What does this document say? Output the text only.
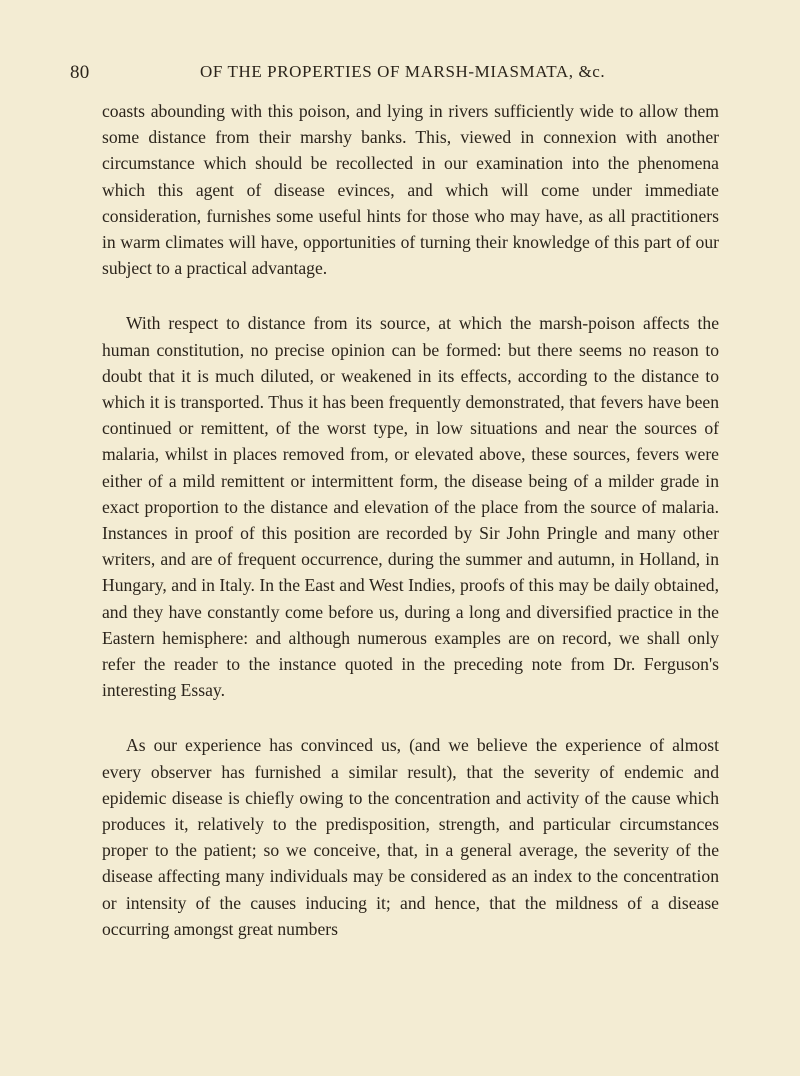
80	OF THE PROPERTIES OF MARSH-MIASMATA, &c.

coasts abounding with this poison, and lying in rivers sufficiently wide to allow them some distance from their marshy banks. This, viewed in connexion with another circumstance which should be recollected in our examination into the phenomena which this agent of disease evinces, and which will come under immediate consideration, furnishes some useful hints for those who may have, as all practitioners in warm climates will have, opportunities of turning their knowledge of this part of our subject to a practical advantage.

With respect to distance from its source, at which the marsh-poison affects the human constitution, no precise opinion can be formed: but there seems no reason to doubt that it is much diluted, or weakened in its effects, according to the distance to which it is transported. Thus it has been frequently demonstrated, that fevers have been continued or remittent, of the worst type, in low situations and near the sources of malaria, whilst in places removed from, or elevated above, these sources, fevers were either of a mild remittent or intermittent form, the disease being of a milder grade in exact proportion to the distance and elevation of the place from the source of malaria. Instances in proof of this position are recorded by Sir John Pringle and many other writers, and are of frequent occurrence, during the summer and autumn, in Holland, in Hungary, and in Italy. In the East and West Indies, proofs of this may be daily obtained, and they have constantly come before us, during a long and diversified practice in the Eastern hemisphere: and although numerous examples are on record, we shall only refer the reader to the instance quoted in the preceding note from Dr. Ferguson's interesting Essay.

As our experience has convinced us, (and we believe the experience of almost every observer has furnished a similar result), that the severity of endemic and epidemic disease is chiefly owing to the concentration and activity of the cause which produces it, relatively to the predisposition, strength, and particular circumstances proper to the patient; so we conceive, that, in a general average, the severity of the disease affecting many individuals may be considered as an index to the concentration or intensity of the causes inducing it; and hence, that the mildness of a disease occurring amongst great numbers
